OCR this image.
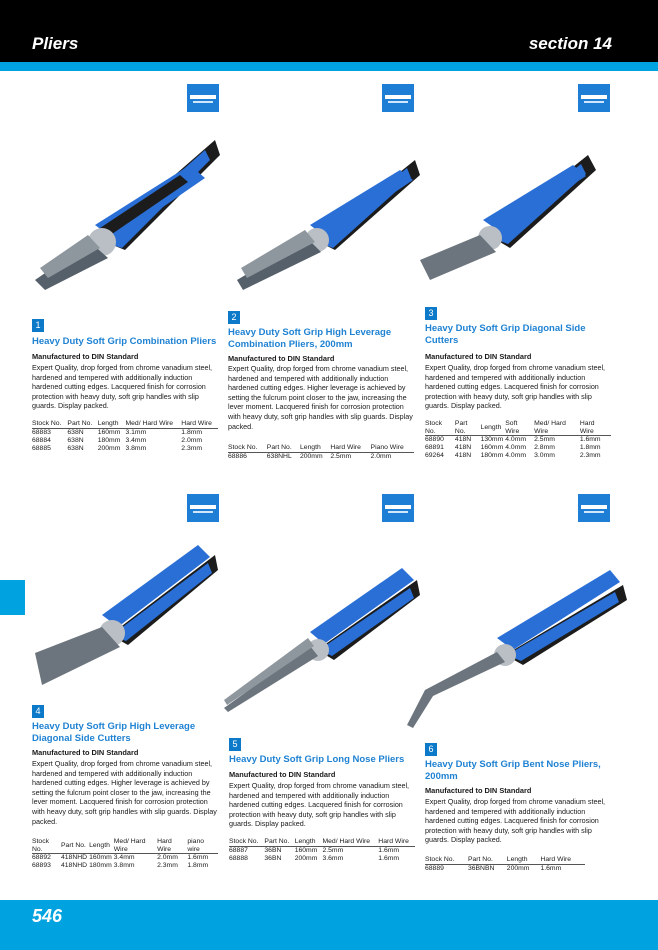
Pliers	section 14
546
1
Heavy Duty Soft Grip Combination Pliers
Manufactured to DIN Standard
Expert Quality, drop forged from chrome vanadium steel, hardened and tempered with additionally induction hardened cutting edges. Lacquered finish for corrosion protection with heavy duty, soft grip handles with slip guards. Display packed.
Stock No.	Part No.	Length	Med/ Hard Wire	Hard Wire
68883	638N	160mm	3.1mm	1.8mm
68884	638N	180mm	3.4mm	2.0mm
68885	638N	200mm	3.8mm	2.3mm
2
Heavy Duty Soft Grip High Leverage Combination Pliers, 200mm
Manufactured to DIN Standard
Expert Quality, drop forged from chrome vanadium steel, hardened and tempered with additionally induction hardened cutting edges. Higher leverage is achieved by setting the fulcrum point closer to the jaw, increasing the lever moment. Lacquered finish for corrosion protection with heavy duty, soft grip handles with slip guards. Display packed.
Stock No.	Part No.	Length	Hard Wire	Piano Wire
68886	638NHL	200mm	2.5mm	2.0mm
3
Heavy Duty Soft Grip Diagonal Side Cutters
Manufactured to DIN Standard
Expert Quality, drop forged from chrome vanadium steel, hardened and tempered with additionally induction hardened cutting edges. Lacquered finish for corrosion protection with heavy duty, soft grip handles with slip guards. Display packed.
Stock No.	Part No.	Length	Soft Wire	Med/ Hard Wire	Hard Wire
68890	418N	130mm	4.0mm	2.5mm	1.6mm
68891	418N	160mm	4.0mm	2.8mm	1.8mm
69264	418N	180mm	4.0mm	3.0mm	2.3mm
4
Heavy Duty Soft Grip High Leverage Diagonal Side Cutters
Manufactured to DIN Standard
Expert Quality, drop forged from chrome vanadium steel, hardened and tempered with additionally induction hardened cutting edges. Higher leverage is achieved by setting the fulcrum point closer to the jaw, increasing the lever moment. Lacquered finish for corrosion protection with heavy duty, soft grip handles with slip guards. Display packed.
Stock No.	Part No.	Length	Med/ Hard Wire	Hard Wire	piano wire
68892	418NHD	160mm	3.4mm	2.0mm	1.6mm
68893	418NHD	180mm	3.8mm	2.3mm	1.8mm
5
Heavy Duty Soft Grip Long Nose Pliers
Manufactured to DIN Standard
Expert Quality, drop forged from chrome vanadium steel, hardened and tempered with additionally induction hardened cutting edges. Lacquered finish for corrosion protection with heavy duty, soft grip handles with slip guards. Display packed.
Stock No.	Part No.	Length	Med/ Hard Wire	Hard Wire
68887	36BN	160mm	2.5mm	1.6mm
68888	36BN	200mm	3.6mm	1.6mm
6
Heavy Duty Soft Grip Bent Nose Pliers, 200mm
Manufactured to DIN Standard
Expert Quality, drop forged from chrome vanadium steel, hardened and tempered with additionally induction hardened cutting edges. Lacquered finish for corrosion protection with heavy duty, soft grip handles with slip guards. Display packed.
Stock No.	Part No.	Length	Hard Wire
68889	36BNBN	200mm	1.6mm
